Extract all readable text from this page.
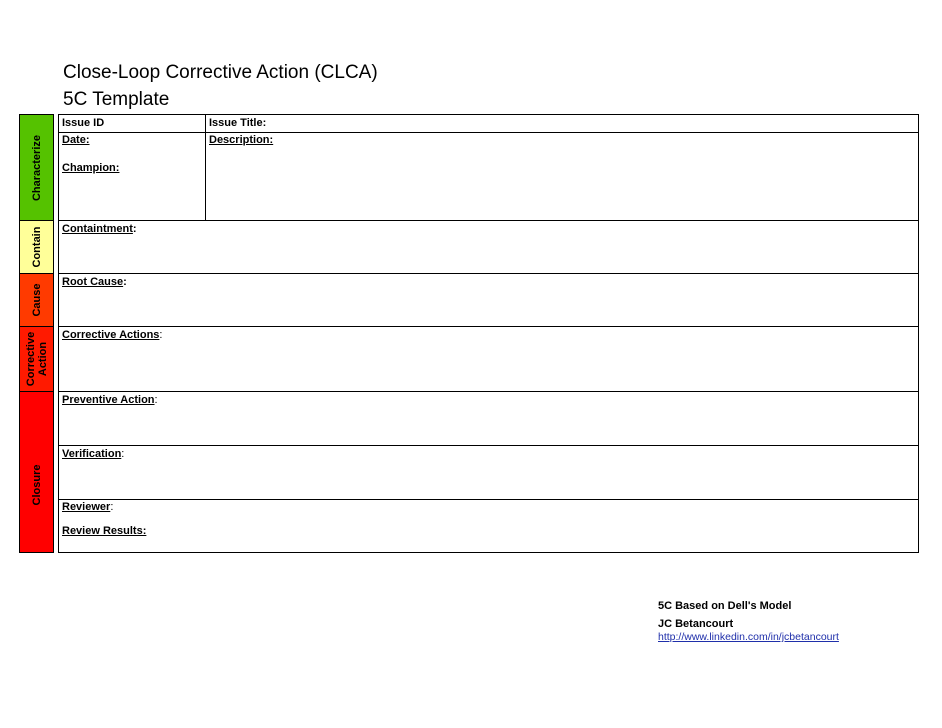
Close-Loop Corrective Action (CLCA)
5C Template
Characterize
Contain
Cause
Corrective Action
Closure
Issue ID	Issue Title:
Date:	Description:
Champion:
Containtment:
Root Cause:
Corrective Actions:
Preventive Action:
Verification:
Reviewer:
Review Results:
5C Based on Dell's Model
JC Betancourt
http://www.linkedin.com/in/jcbetancourt
